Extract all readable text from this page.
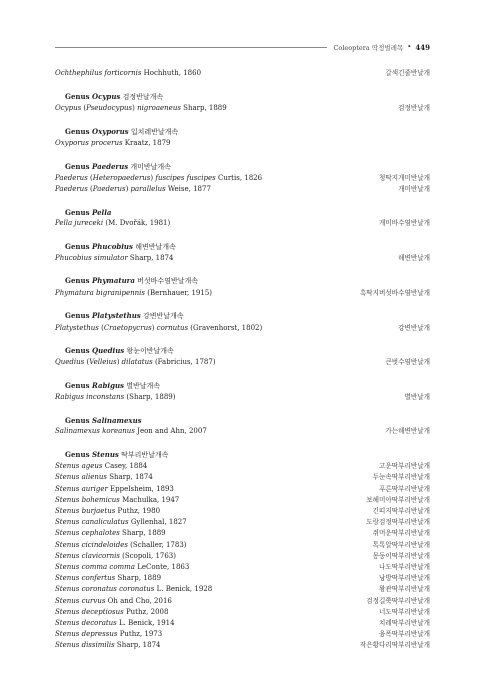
Coleoptera 딱정벌레목 • 449
Ochthephilus forticornis Hochhuth, 1860	갈색긴줄반날개
Genus Ocypus 검정반날개속
Ocypus (Pseudocypus) nigroaeneus Sharp, 1889	검정반날개
Genus Oxyporus 입치레반날개속
Oxyporus procerus Kraatz, 1879
Genus Paederus 개미반날개속
Paederus (Heteropaederus) fuscipes fuscipes Curtis, 1826	청딱지개미반날개
Paederus (Paederus) parallelus Weise, 1877	개미반날개
Genus Pella
Pella jureceki (M. Dvořák, 1981)	개미바수염반날개
Genus Phucobius 해변반날개속
Phucobius simulator Sharp, 1874	해변반날개
Genus Phymatura 버섯바수염반날개속
Phymatura bigranipennis (Bernhauer, 1915)	흑딱지버섯바수염반날개
Genus Platystethus 강변반날개속
Platystethus (Craetopycrus) cornutus (Gravenhorst, 1802)	강변반날개
Genus Quedius 왕눈이반날개속
Quedius (Velleius) dilatatus (Fabricius, 1787)	큰벗수염반날개
Genus Rabigus 별반날개속
Rabigus inconstans (Sharp, 1889)	별반날개
Genus Salinamexus
Salinamexus koreanus Jeon and Ahn, 2007	가는해변반날개
Genus Stenus 딱부리반날개속
Stenus ageus Casey, 1884	고운딱부리반날개
Stenus alienus Sharp, 1874	두눈속딱부리반날개
Stenus auriger Eppelsheim, 1893	푸른딱부리반날개
Stenus bohemicus Machulka, 1947	보헤미아딱부리반날개
Stenus burjaetus Puthz, 1980	긴띠지딱부리반날개
Stenus canaliculatus Gyllenhal, 1827	도랑검정딱부리반날개
Stenus cephalotes Sharp, 1889	쥐머운딱부리반날개
Stenus cicindeloides (Schaller, 1783)	톡톡알딱부리반날개
Stenus clavicornis (Scopoli, 1763)	몽둥이딱부리반날개
Stenus comma comma LeConte, 1863	나도딱부리반날개
Stenus confertus Sharp, 1889	낭방딱부리반날개
Stenus coronatus coronatus L. Benick, 1928	왕관딱부리반날개
Stenus curvus Oh and Cho, 2016	검정길쭉딱부리반날개
Stenus deceptiosus Puthz, 2008	너도딱부리반날개
Stenus decoratus L. Benick, 1914	치레딱부리반날개
Stenus depressus Puthz, 1973	융폭딱부리반날개
Stenus dissimilis Sharp, 1874	작은황다리딱부리반날개
